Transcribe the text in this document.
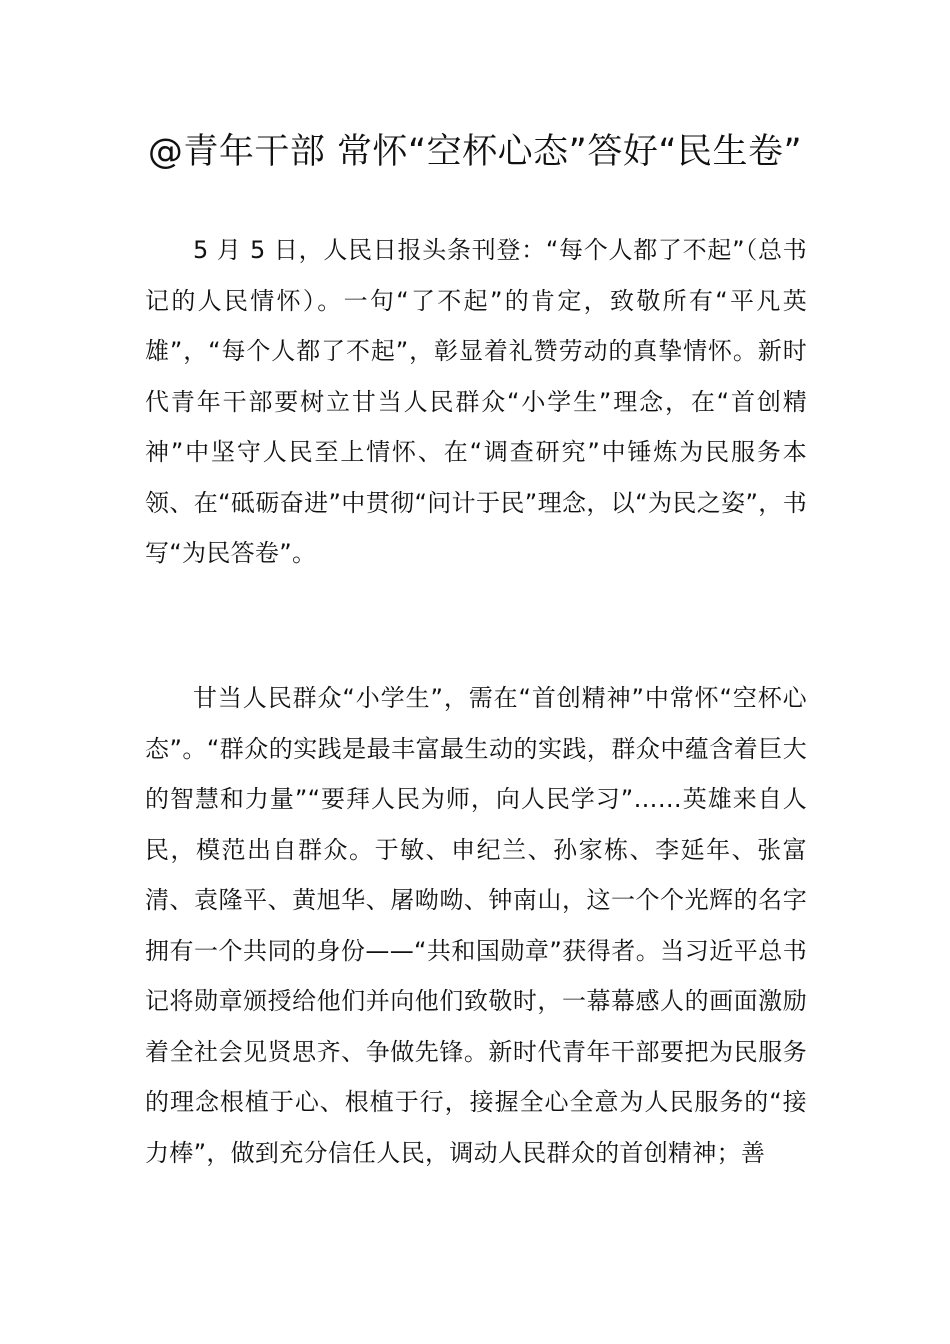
@青年干部 常怀“空杯心态”答好“民生卷”

5 月 5 日，人民日报头条刊登：“每个人都了不起”（总书记的人民情怀）。一句“了不起”的肯定，致敬所有“平凡英雄”，“每个人都了不起”，彰显着礼赞劳动的真挚情怀。新时代青年干部要树立甘当人民群众“小学生”理念，在“首创精神”中坚守人民至上情怀、在“调查研究”中锤炼为民服务本领、在“砥砺奋进”中贯彻“问计于民”理念，以“为民之姿”，书写“为民答卷”。

甘当人民群众“小学生”，需在“首创精神”中常怀“空杯心态”。“群众的实践是最丰富最生动的实践，群众中蕴含着巨大的智慧和力量”“要拜人民为师，向人民学习”……英雄来自人民，模范出自群众。于敏、申纪兰、孙家栋、李延年、张富清、袁隆平、黄旭华、屠呦呦、钟南山，这一个个光辉的名字拥有一个共同的身份——“共和国勋章”获得者。当习近平总书记将勋章颁授给他们并向他们致敬时，一幕幕感人的画面激励着全社会见贤思齐、争做先锋。新时代青年干部要把为民服务的理念根植于心、根植于行，接握全心全意为人民服务的“接力棒”，做到充分信任人民，调动人民群众的首创精神；善
